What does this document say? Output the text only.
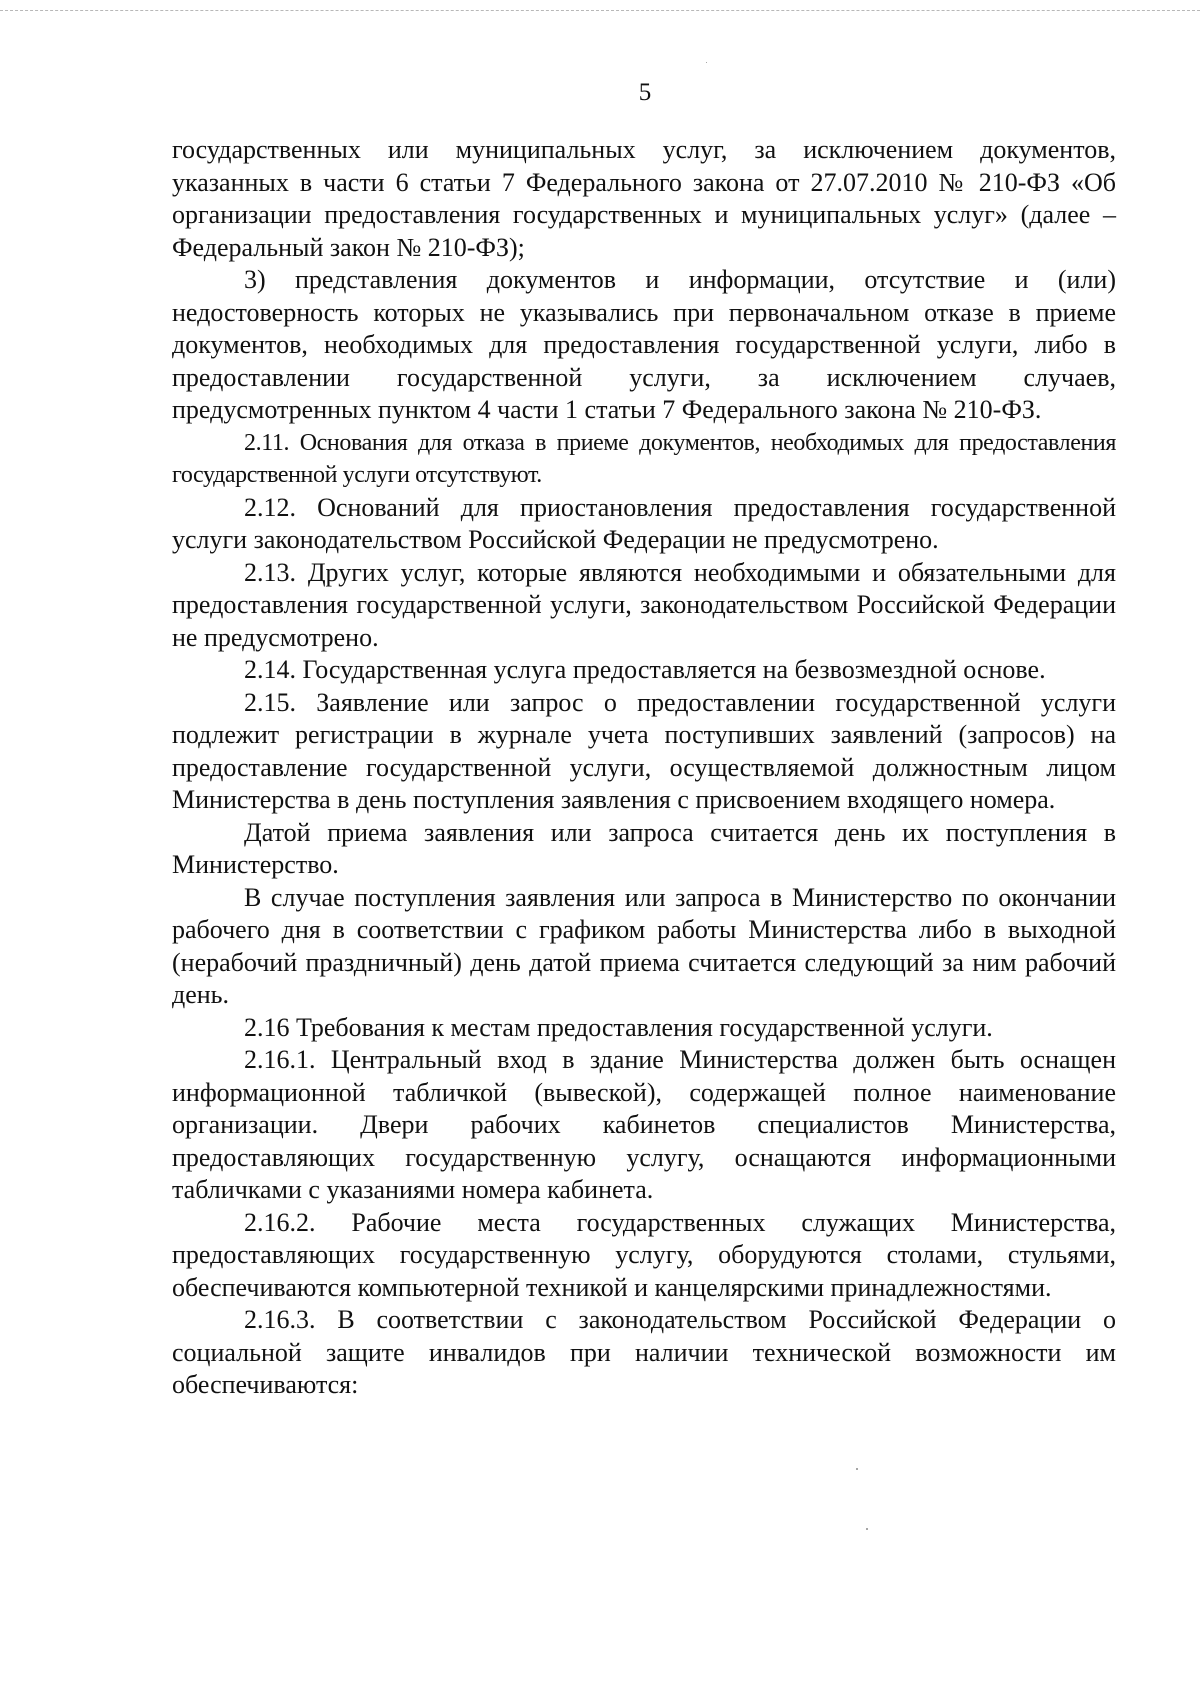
5

государственных или муниципальных услуг, за исключением документов, указанных в части 6 статьи 7 Федерального закона от 27.07.2010 № 210-ФЗ «Об организации предоставления государственных и муниципальных услуг» (далее – Федеральный закон № 210-ФЗ);

3) представления документов и информации, отсутствие и (или) недостоверность которых не указывались при первоначальном отказе в приеме документов, необходимых для предоставления государственной услуги, либо в предоставлении государственной услуги, за исключением случаев, предусмотренных пунктом 4 части 1 статьи 7 Федерального закона № 210-ФЗ.

2.11. Основания для отказа в приеме документов, необходимых для предоставления государственной услуги отсутствуют.

2.12. Оснований для приостановления предоставления государственной услуги законодательством Российской Федерации не предусмотрено.

2.13. Других услуг, которые являются необходимыми и обязательными для предоставления государственной услуги, законодательством Российской Федерации не предусмотрено.

2.14. Государственная услуга предоставляется на безвозмездной основе.

2.15. Заявление или запрос о предоставлении государственной услуги подлежит регистрации в журнале учета поступивших заявлений (запросов) на предоставление государственной услуги, осуществляемой должностным лицом Министерства в день поступления заявления с присвоением входящего номера.

Датой приема заявления или запроса считается день их поступления в Министерство.

В случае поступления заявления или запроса в Министерство по окончании рабочего дня в соответствии с графиком работы Министерства либо в выходной (нерабочий праздничный) день датой приема считается следующий за ним рабочий день.

2.16 Требования к местам предоставления государственной услуги.

2.16.1. Центральный вход в здание Министерства должен быть оснащен информационной табличкой (вывеской), содержащей полное наименование организации. Двери рабочих кабинетов специалистов Министерства, предоставляющих государственную услугу, оснащаются информационными табличками с указаниями номера кабинета.

2.16.2. Рабочие места государственных служащих Министерства, предоставляющих государственную услугу, оборудуются столами, стульями, обеспечиваются компьютерной техникой и канцелярскими принадлежностями.

2.16.3. В соответствии с законодательством Российской Федерации о социальной защите инвалидов при наличии технической возможности им обеспечиваются:
